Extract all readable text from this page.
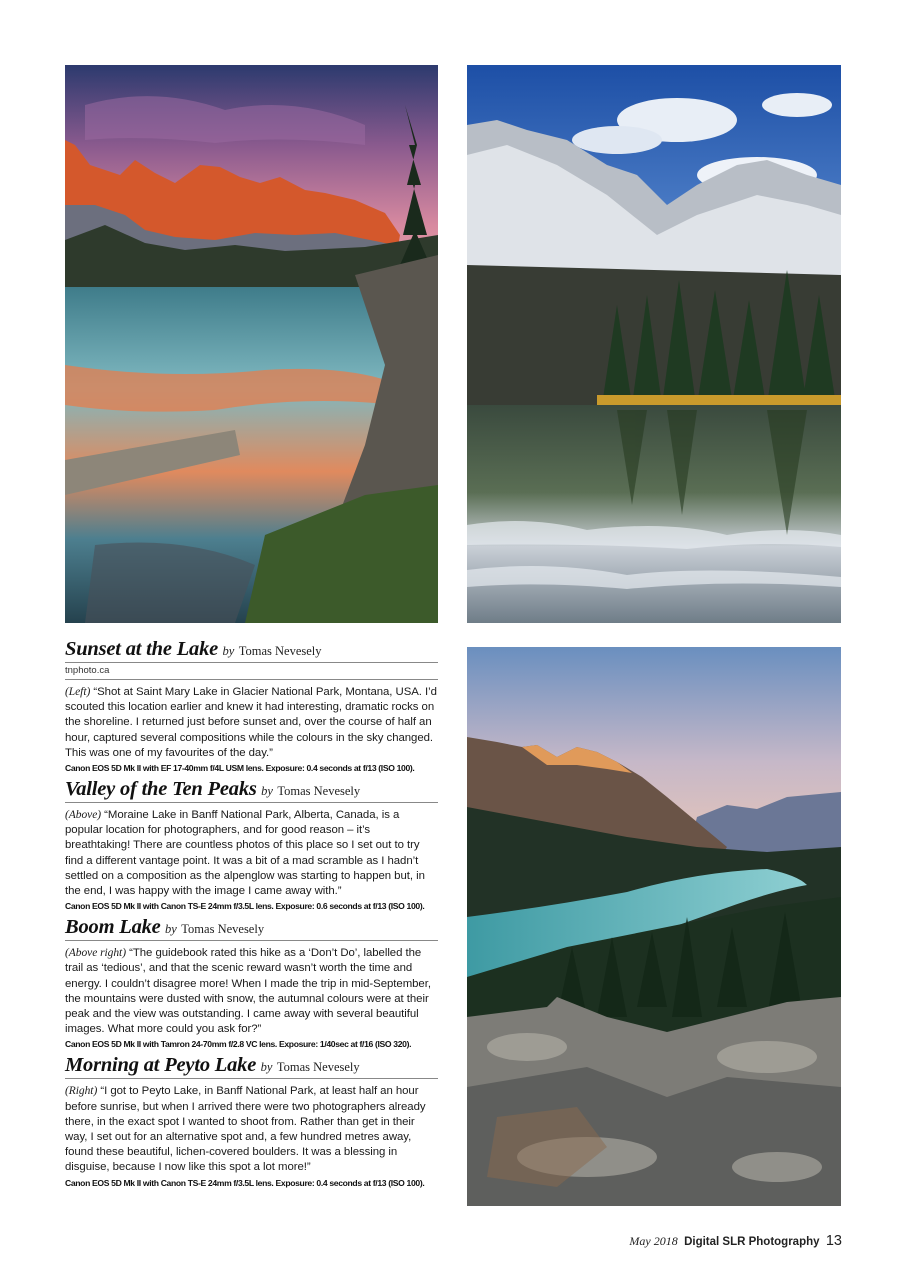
Sunset at the Lake by Tomas Nevesely
tnphoto.ca
(Left) “Shot at Saint Mary Lake in Glacier National Park, Montana, USA. I’d scouted this location earlier and knew it had interesting, dramatic rocks on the shoreline. I returned just before sunset and, over the course of half an hour, captured several compositions while the colours in the sky changed. This was one of my favourites of the day.”
Canon EOS 5D Mk II with EF 17-40mm f/4L USM lens. Exposure: 0.4 seconds at f/13 (ISO 100).
Valley of the Ten Peaks by Tomas Nevesely
(Above) “Moraine Lake in Banff National Park, Alberta, Canada, is a popular location for photographers, and for good reason – it’s breathtaking! There are countless photos of this place so I set out to try find a different vantage point. It was a bit of a mad scramble as I hadn’t settled on a composition as the alpenglow was starting to happen but, in the end, I was happy with the image I came away with.”
Canon EOS 5D Mk II with Canon TS-E 24mm f/3.5L lens. Exposure: 0.6 seconds at f/13 (ISO 100).
Boom Lake by Tomas Nevesely
(Above right) “The guidebook rated this hike as a ‘Don’t Do’, labelled the trail as ‘tedious’, and that the scenic reward wasn’t worth the time and energy. I couldn’t disagree more! When I made the trip in mid-September, the mountains were dusted with snow, the autumnal colours were at their peak and the view was outstanding. I came away with several beautiful images. What more could you ask for?”
Canon EOS 5D Mk II with Tamron 24-70mm f/2.8 VC lens. Exposure: 1/40sec at f/16 (ISO 320).
Morning at Peyto Lake by Tomas Nevesely
(Right) “I got to Peyto Lake, in Banff National Park, at least half an hour before sunrise, but when I arrived there were two photographers already there, in the exact spot I wanted to shoot from. Rather than get in their way, I set out for an alternative spot and, a few hundred metres away, found these beautiful, lichen-covered boulders. It was a blessing in disguise, because I now like this spot a lot more!”
Canon EOS 5D Mk II with Canon TS-E 24mm f/3.5L lens. Exposure: 0.4 seconds at f/13 (ISO 100).
May 2018 Digital SLR Photography 13
